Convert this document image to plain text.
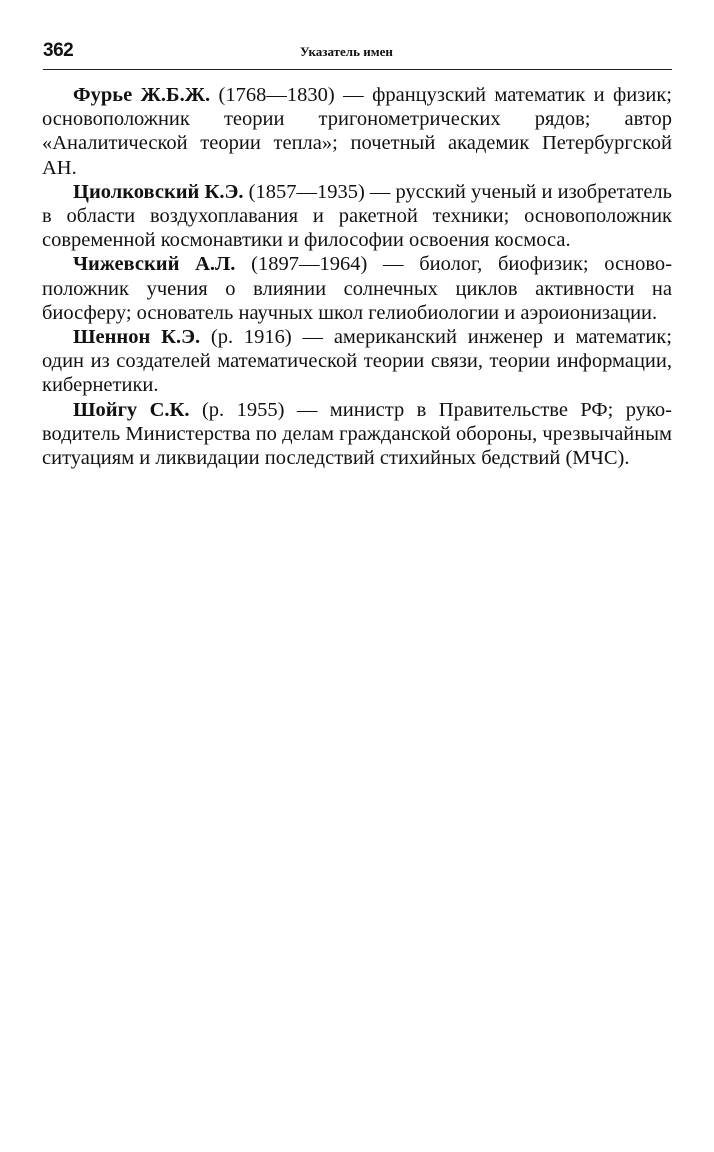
362	Указатель имен

Фурье Ж.Б.Ж. (1768—1830) — французский математик и физик; основоположник теории тригонометрических рядов; автор «Аналитической теории тепла»; почетный академик Петербургской АН.

Циолковский К.Э. (1857—1935) — русский ученый и изобретатель в области воздухоплавания и ракетной техники; основоположник современной космонавтики и философии освоения космоса.

Чижевский А.Л. (1897—1964) — биолог, биофизик; основоположник учения о влиянии солнечных циклов активности на биосферу; основатель научных школ гелиобиологии и аэроионизации.

Шеннон К.Э. (р. 1916) — американский инженер и математик; один из создателей математической теории связи, теории информации, кибернетики.

Шойгу С.К. (р. 1955) — министр в Правительстве РФ; руководитель Министерства по делам гражданской обороны, чрезвычайным ситуациям и ликвидации последствий стихийных бедствий (МЧС).
